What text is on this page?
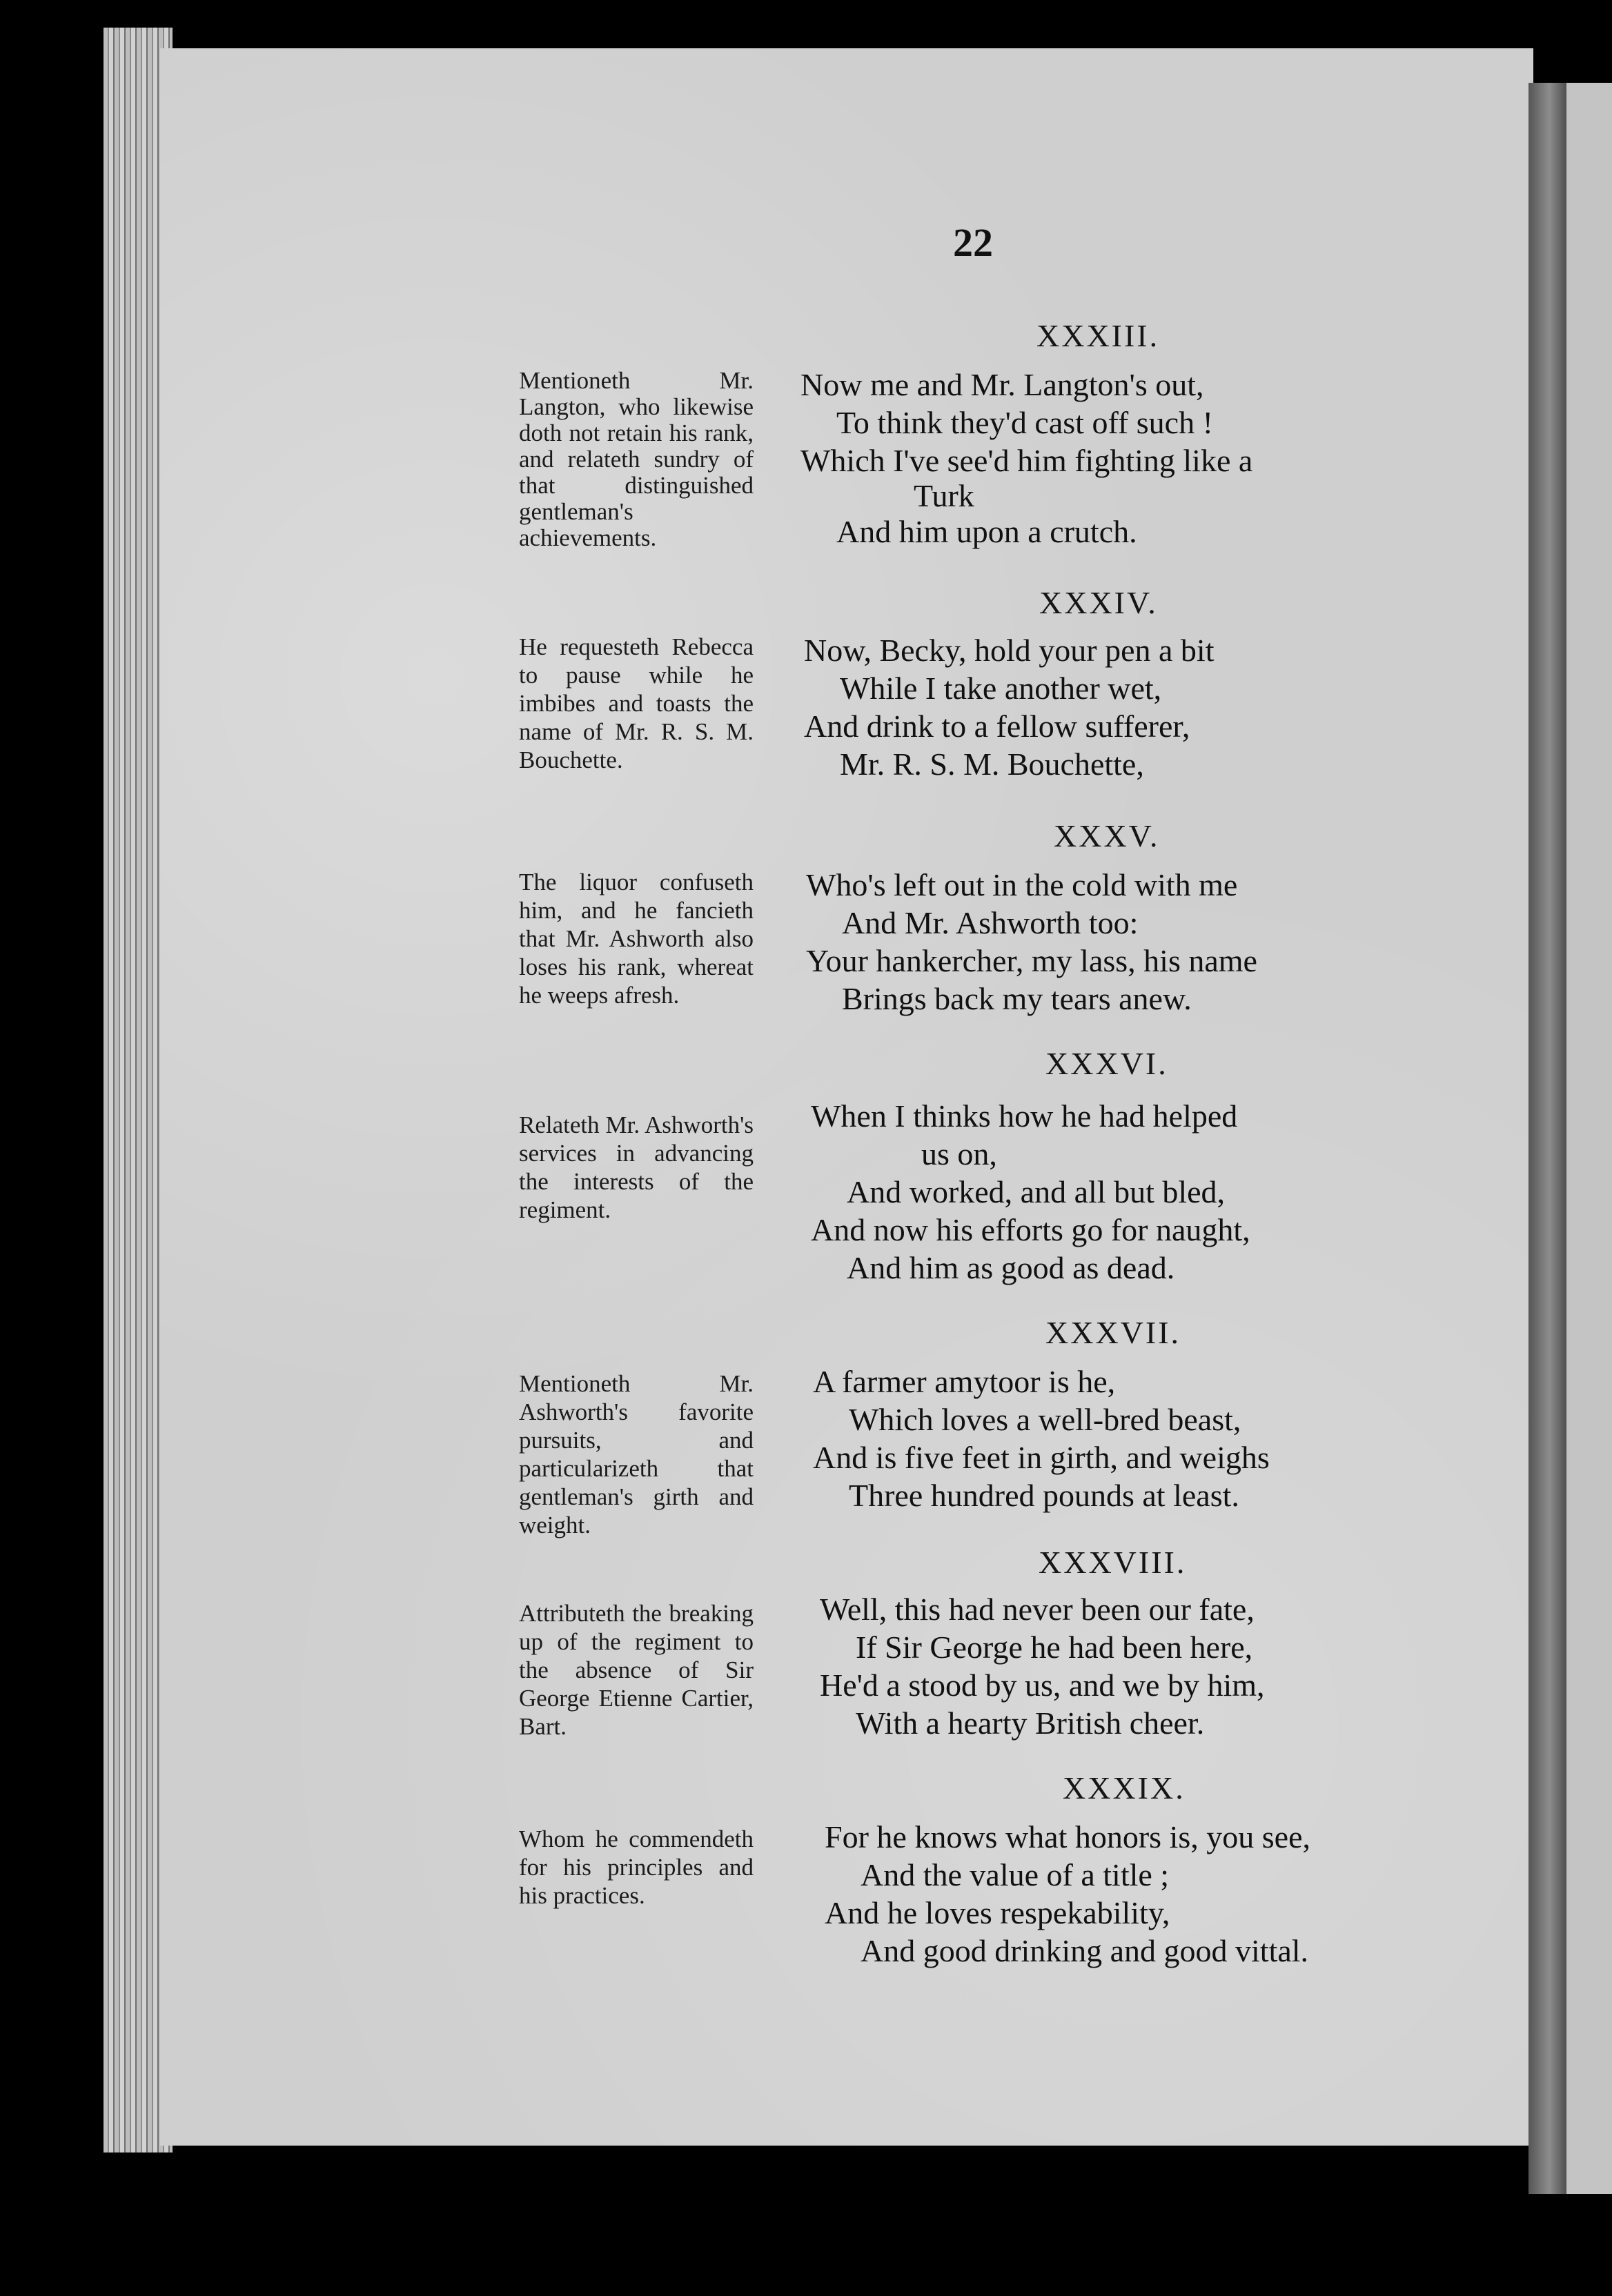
22
XXXIII.
Mentioneth Mr. Langton, who likewise doth not retain his rank, and relateth sundry of that distinguished gentleman's achievements.
Now me and Mr. Langton's out,
To think they'd cast off such !
Which I've see'd him fighting like a
Turk
And him upon a crutch.
XXXIV.
He requesteth Rebecca to pause while he imbibes and toasts the name of Mr. R. S. M. Bouchette.
Now, Becky, hold your pen a bit
While I take another wet,
And drink to a fellow sufferer,
Mr. R. S. M. Bouchette,
XXXV.
The liquor confuseth him, and he fancieth that Mr. Ashworth also loses his rank, whereat he weeps afresh.
Who's left out in the cold with me
And Mr. Ashworth too:
Your hankercher, my lass, his name
Brings back my tears anew.
XXXVI.
Relateth Mr. Ashworth's services in advancing the interests of the regiment.
When I thinks how he had helped
us on,
And worked, and all but bled,
And now his efforts go for naught,
And him as good as dead.
XXXVII.
Mentioneth Mr. Ashworth's favorite pursuits, and particularizeth that gentleman's girth and weight.
A farmer amytoor is he,
Which loves a well-bred beast,
And is five feet in girth, and weighs
Three hundred pounds at least.
XXXVIII.
Attributeth the breaking up of the regiment to the absence of Sir George Etienne Cartier, Bart.
Well, this had never been our fate,
If Sir George he had been here,
He'd a stood by us, and we by him,
With a hearty British cheer.
XXXIX.
Whom he commendeth for his principles and his practices.
For he knows what honors is, you see,
And the value of a title ;
And he loves respekability,
And good drinking and good vittal.
